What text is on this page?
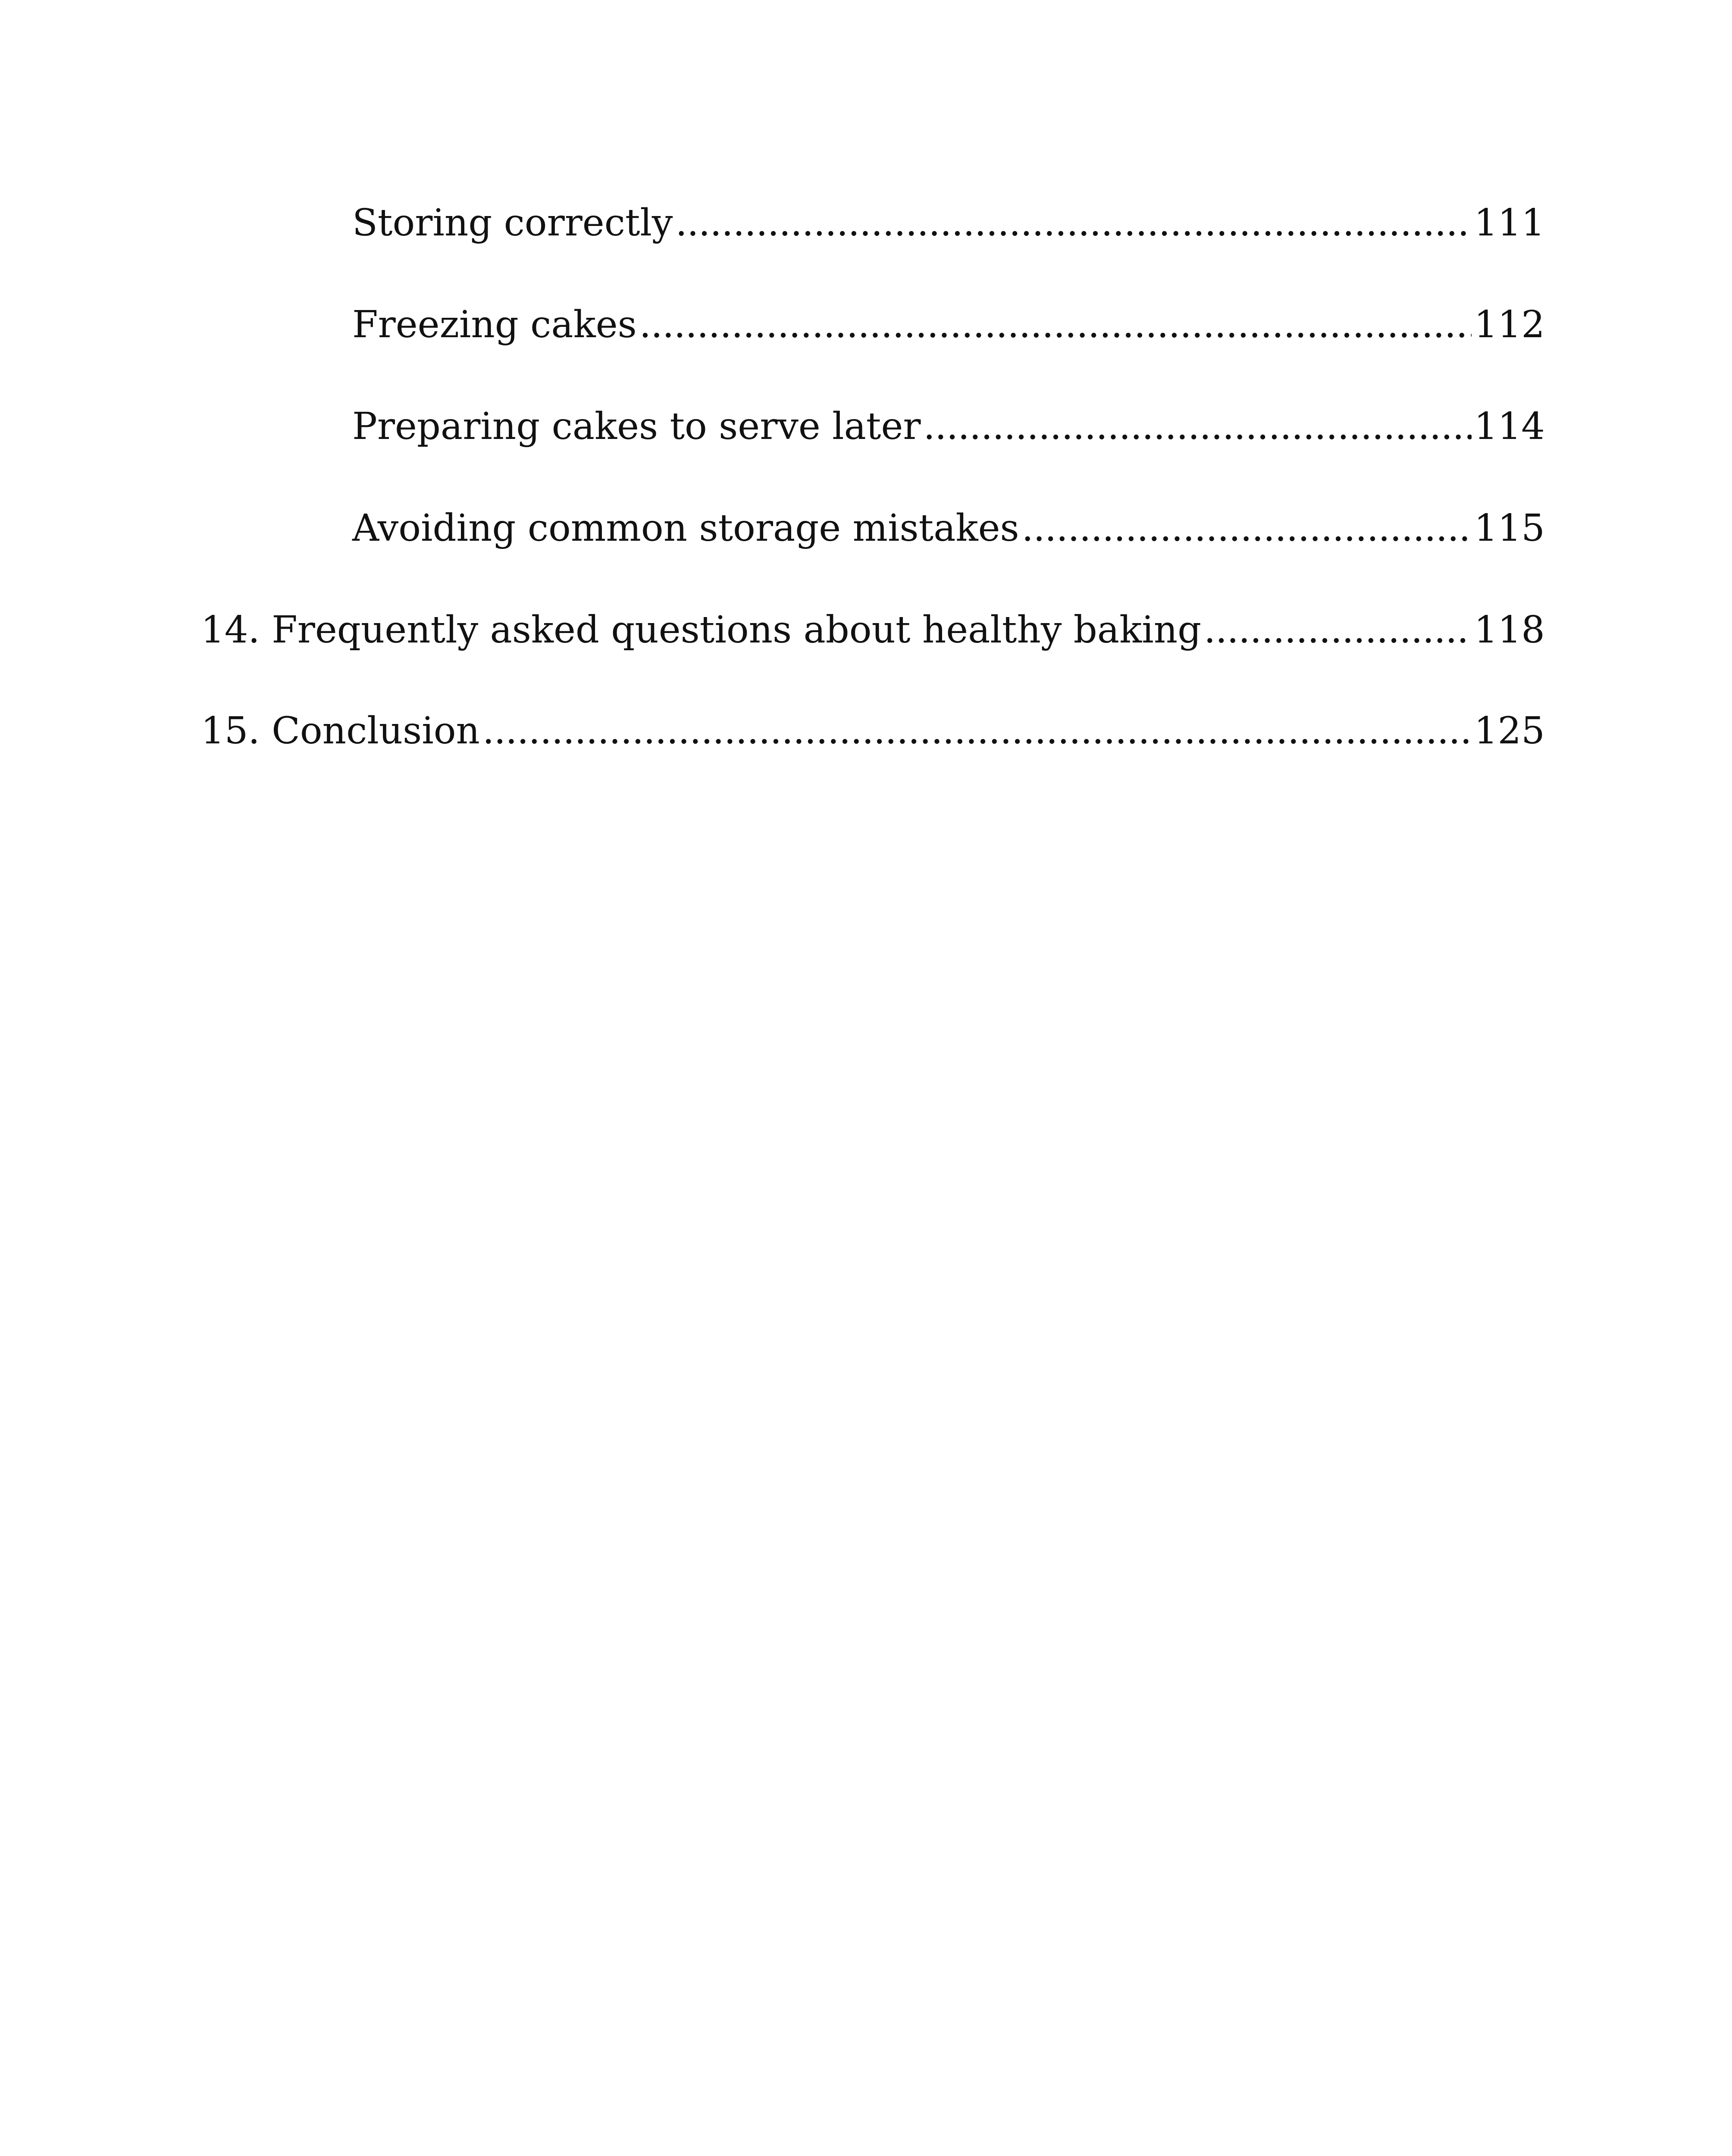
Storing correctly . . .	111
Freezing cakes . . .	112
Preparing cakes to serve later . . .	114
Avoiding common storage mistakes . . .	115
14. Frequently asked questions about healthy baking . . .	118
15. Conclusion . . .	125
